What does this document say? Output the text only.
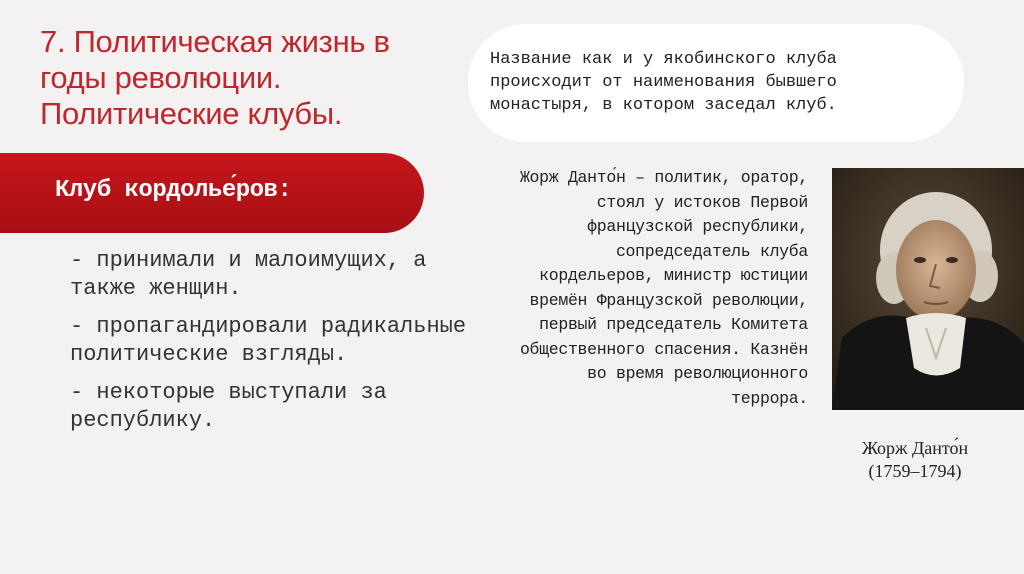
7. Политическая жизнь в годы революции. Политические клубы.
Название как и у якобинского клуба происходит от наименования бывшего монастыря, в котором заседал клуб.
Клуб кордолье́ров:
- принимали и малоимущих, а также женщин.
- пропагандировали радикальные политические взгляды.
- некоторые выступали за республику.
Жорж Данто́н – политик, оратор, стоял у истоков Первой французской республики, сопредседатель клуба кордельеров, министр юстиции времён Французской революции, первый председатель Комитета общественного спасения. Казнён во время революционного террора.
Жорж Данто́н
(1759–1794)
